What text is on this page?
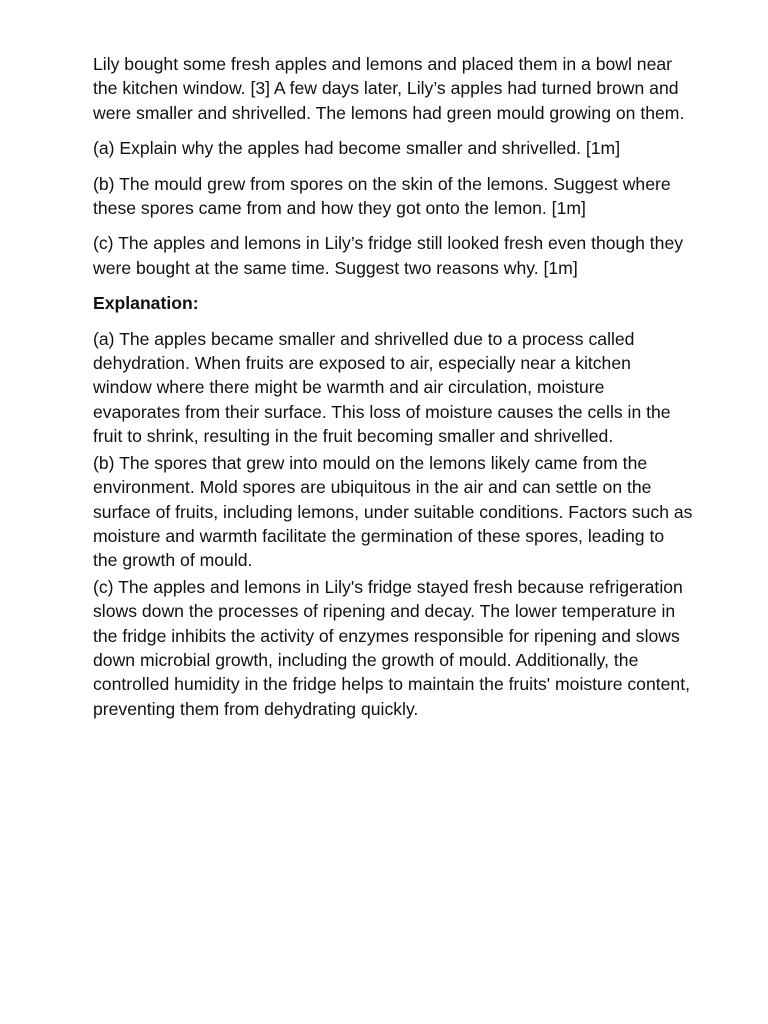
Lily bought some fresh apples and lemons and placed them in a bowl near the kitchen window. [3] A few days later, Lily’s apples had turned brown and were smaller and shrivelled. The lemons had green mould growing on them.

(a) Explain why the apples had become smaller and shrivelled. [1m]

(b) The mould grew from spores on the skin of the lemons. Suggest where these spores came from and how they got onto the lemon. [1m]

(c) The apples and lemons in Lily’s fridge still looked fresh even though they were bought at the same time. Suggest two reasons why. [1m]

Explanation:

(a) The apples became smaller and shrivelled due to a process called dehydration. When fruits are exposed to air, especially near a kitchen window where there might be warmth and air circulation, moisture evaporates from their surface. This loss of moisture causes the cells in the fruit to shrink, resulting in the fruit becoming smaller and shrivelled.

(b) The spores that grew into mould on the lemons likely came from the environment. Mold spores are ubiquitous in the air and can settle on the surface of fruits, including lemons, under suitable conditions. Factors such as moisture and warmth facilitate the germination of these spores, leading to the growth of mould.

(c) The apples and lemons in Lily's fridge stayed fresh because refrigeration slows down the processes of ripening and decay. The lower temperature in the fridge inhibits the activity of enzymes responsible for ripening and slows down microbial growth, including the growth of mould. Additionally, the controlled humidity in the fridge helps to maintain the fruits' moisture content, preventing them from dehydrating quickly.
